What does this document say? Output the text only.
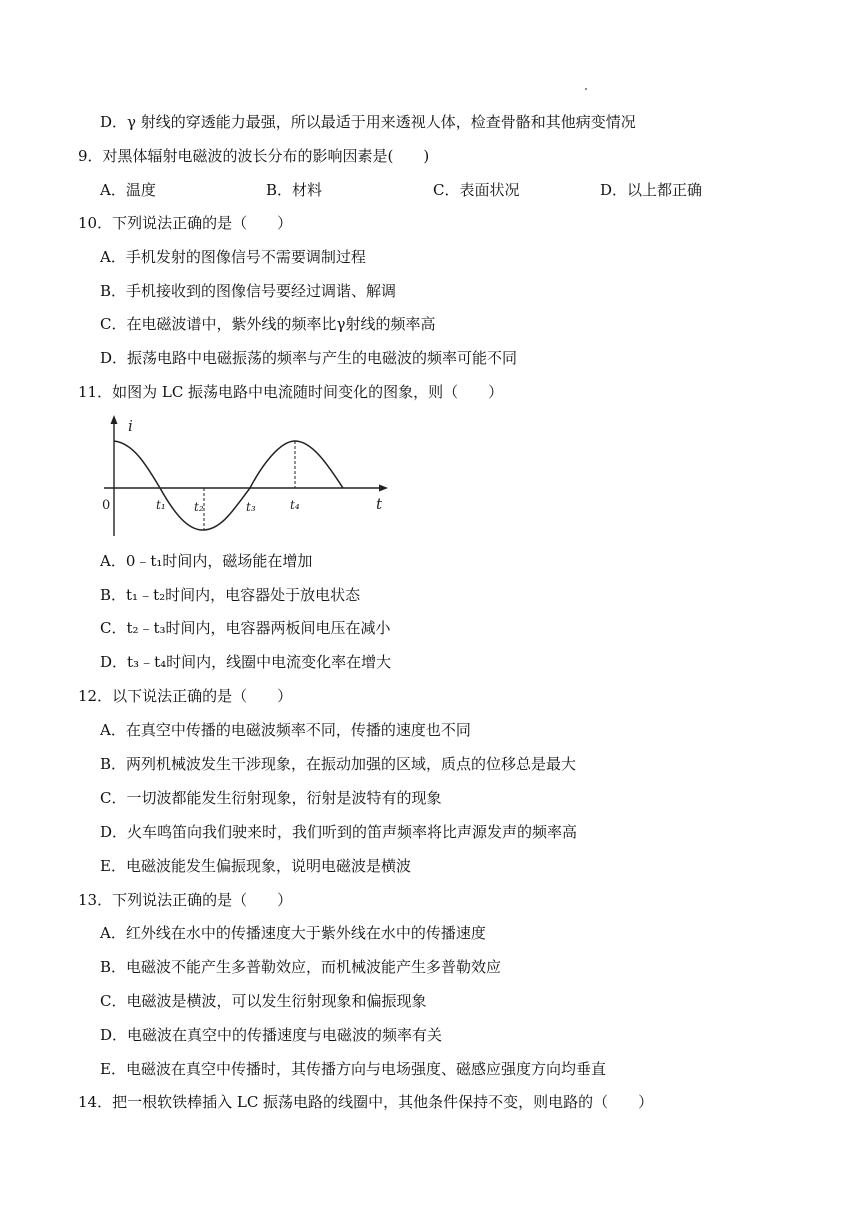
D．γ 射线的穿透能力最强，所以最适于用来透视人体，检查骨骼和其他病变情况
9．对黑体辐射电磁波的波长分布的影响因素是(　　)
A．温度	B．材料	C．表面状况	D．以上都正确
10．下列说法正确的是（　　）
A．手机发射的图像信号不需要调制过程
B．手机接收到的图像信号要经过调谐、解调
C．在电磁波谱中，紫外线的频率比γ射线的频率高
D．振荡电路中电磁振荡的频率与产生的电磁波的频率可能不同
11．如图为 LC 振荡电路中电流随时间变化的图象，则（　　）
i
t
0	t₁ t₂	t₃	t₄
A．0﹣t₁时间内，磁场能在增加
B．t₁﹣t₂时间内，电容器处于放电状态
C．t₂﹣t₃时间内，电容器两板间电压在减小
D．t₃﹣t₄时间内，线圈中电流变化率在增大
12．以下说法正确的是（　　）
A．在真空中传播的电磁波频率不同，传播的速度也不同
B．两列机械波发生干涉现象，在振动加强的区域，质点的位移总是最大
C．一切波都能发生衍射现象，衍射是波特有的现象
D．火车鸣笛向我们驶来时，我们听到的笛声频率将比声源发声的频率高
E．电磁波能发生偏振现象，说明电磁波是横波
13．下列说法正确的是（　　）
A．红外线在水中的传播速度大于紫外线在水中的传播速度
B．电磁波不能产生多普勒效应，而机械波能产生多普勒效应
C．电磁波是横波，可以发生衍射现象和偏振现象
D．电磁波在真空中的传播速度与电磁波的频率有关
E．电磁波在真空中传播时，其传播方向与电场强度、磁感应强度方向均垂直
14．把一根软铁棒插入 LC 振荡电路的线圈中，其他条件保持不变，则电路的（　　）
